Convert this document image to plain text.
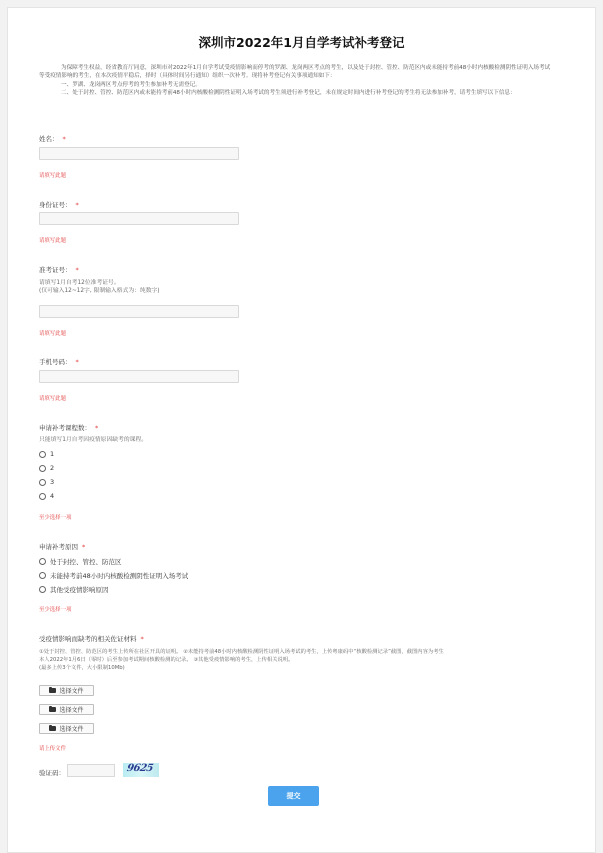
深圳市2022年1月自学考试补考登记

为保障考生权益，经省教育厅同意，深圳市对2022年1月自学考试受疫情影响而停考的罗湖、龙岗两区考点的考生，以及处于封控、管控、防范区内或未能持考前48小时内核酸检测阴性证明入场考试等受疫情影响的考生，在本次疫情平稳后，择时（具体时间另行通知）组织一次补考。现将补考登记有关事项通知如下：

一、罗湖、龙岗两区考点停考的考生参加补考无需登记。

二、处于封控、管控、防范区内或未能持考前48小时内核酸检测阴性证明入场考试的考生须进行补考登记，未在规定时间内进行补考登记的考生将无法参加补考，请考生填写以下信息：

姓名： *
请填写此题
身份证号： *
请填写此题
准考证号： *
请填写1月自考12位准考证号。
(仅可输入12~12字, 限制输入格式为：纯数字)
请填写此题
手机号码： *
请填写此题
申请补考课程数： *
只能填写1月自考因疫情原因缺考的课程。
1
2
3
4
至少选择一项
申请补考原因 *
处于封控、管控、防范区
未能持考前48小时内核酸检测阴性证明入场考试
其他受疫情影响原因
至少选择一项
受疫情影响而缺考的相关佐证材料 *
①处于封控、管控、防范区的考生上传所在社区开具的证明。 ②未能持考前48小时内核酸检测阴性证明入场考试的考生，上传粤康码中“核酸检测记录”截图，截图内容为考生
本人2022年1月6日（零时）后至参加考试期间核酸检测的记录。 ③其他受疫情影响的考生，上传相关说明。
(最多上传3个文件，大小限制10Mb)
选择文件
选择文件
选择文件
请上传文件
验证码：	9625
提交
